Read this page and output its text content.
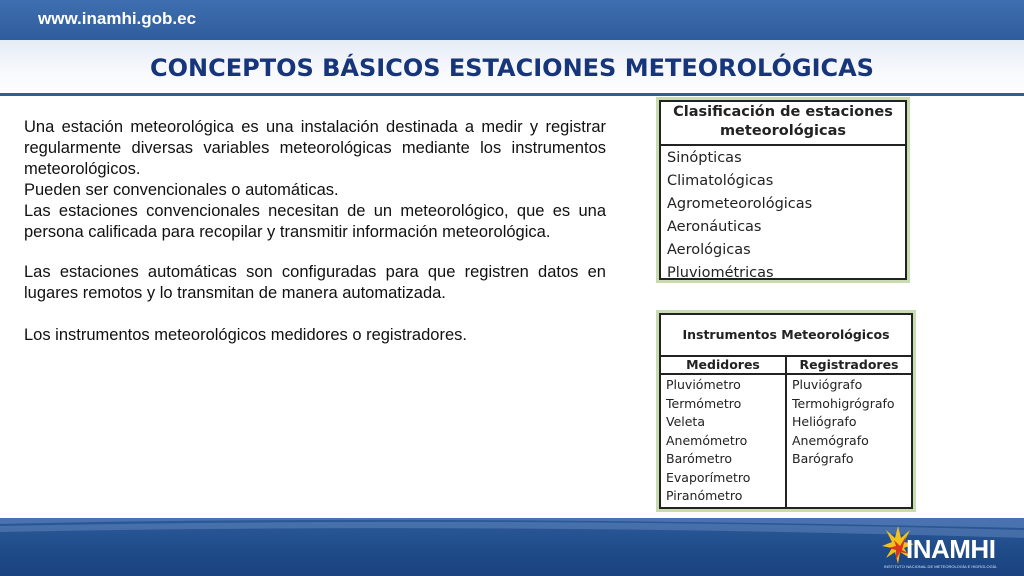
www.inamhi.gob.ec
CONCEPTOS BÁSICOS ESTACIONES METEOROLÓGICAS

Una estación meteorológica es una instalación destinada a medir y registrar regularmente diversas variables meteorológicas mediante los instrumentos meteorológicos.

Pueden ser convencionales o automáticas.

Las estaciones convencionales necesitan de un meteorológico, que es una persona calificada para recopilar y transmitir información meteorológica.

Las estaciones automáticas son configuradas para que registren datos en lugares remotos y lo transmitan de manera automatizada.

Los instrumentos meteorológicos medidores o registradores.

Clasificación de estaciones meteorológicas
Sinópticas
Climatológicas
Agrometeorológicas
Aeronáuticas
Aerológicas
Pluviométricas
Instrumentos Meteorológicos
Medidores	Registradores
Pluviómetro
Termómetro
Veleta
Anemómetro
Barómetro
Evaporímetro
Piranómetro
Pluviógrafo
Termohigrógrafo
Heliógrafo
Anemógrafo
Barógrafo
INAMHI
INSTITUTO NACIONAL DE METEOROLOGÍA E HIDROLOGÍA
